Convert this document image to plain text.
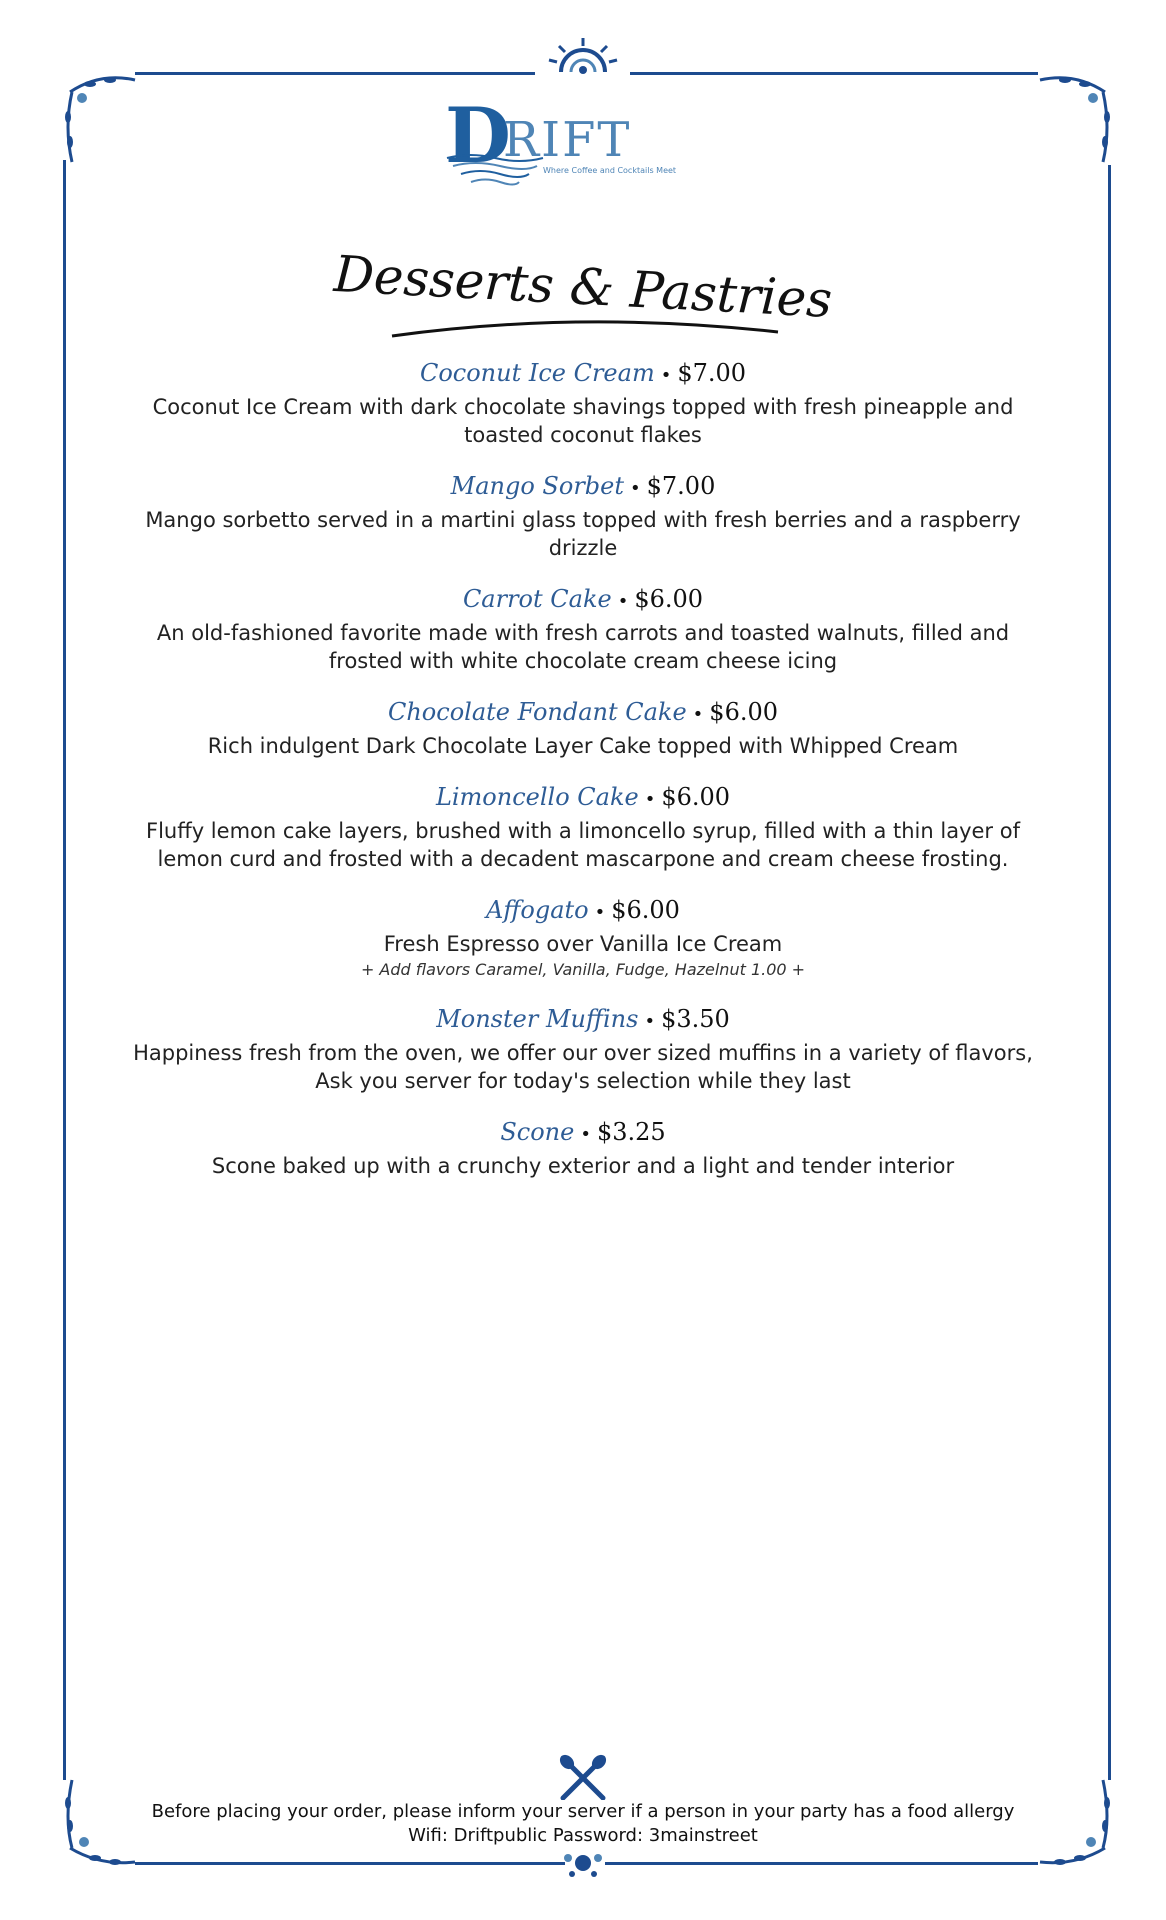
D
RIFT
Where Coffee and Cocktails Meet
Desserts & Pastries
Coconut Ice Cream • $7.00
Coconut Ice Cream with dark chocolate shavings topped with fresh pineapple and toasted coconut flakes
Mango Sorbet • $7.00
Mango sorbetto served in a martini glass topped with fresh berries and a raspberry drizzle
Carrot Cake • $6.00
An old-fashioned favorite made with fresh carrots and toasted walnuts, filled and frosted with white chocolate cream cheese icing
Chocolate Fondant Cake • $6.00
Rich indulgent Dark Chocolate Layer Cake topped with Whipped Cream
Limoncello Cake • $6.00
Fluffy lemon cake layers, brushed with a limoncello syrup, filled with a thin layer of lemon curd and frosted with a decadent mascarpone and cream cheese frosting.
Affogato • $6.00
Fresh Espresso over Vanilla Ice Cream
+ Add flavors Caramel, Vanilla, Fudge, Hazelnut 1.00 +
Monster Muffins • $3.50
Happiness fresh from the oven, we offer our over sized muffins in a variety of flavors, Ask you server for today's selection while they last
Scone • $3.25
Scone baked up with a crunchy exterior and a light and tender interior
Before placing your order, please inform your server if a person in your party has a food allergy
Wifi: Driftpublic Password: 3mainstreet
